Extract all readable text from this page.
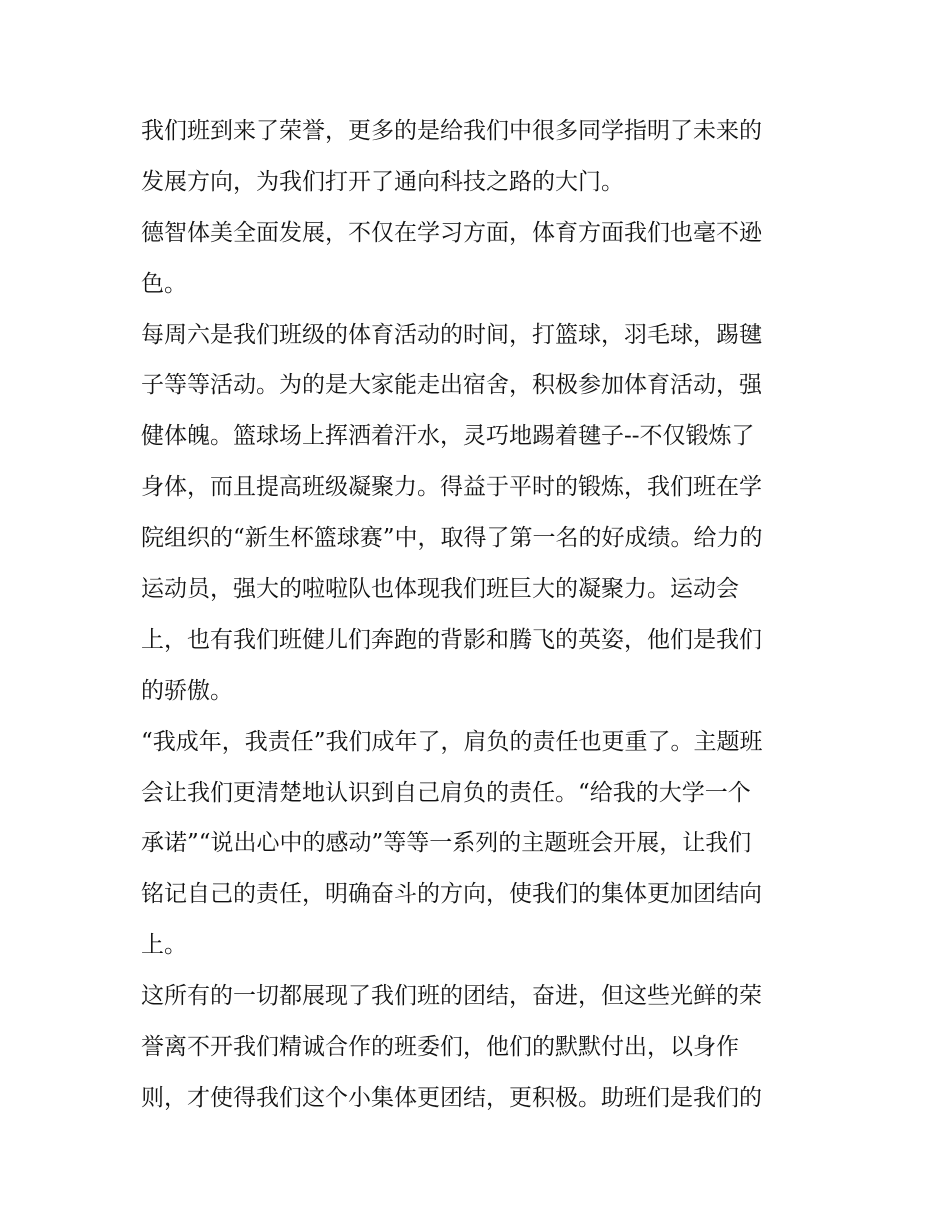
我们班到来了荣誉，更多的是给我们中很多同学指明了未来的
发展方向，为我们打开了通向科技之路的大门。
德智体美全面发展，不仅在学习方面，体育方面我们也毫不逊
色。
每周六是我们班级的体育活动的时间，打篮球，羽毛球，踢毽
子等等活动。为的是大家能走出宿舍，积极参加体育活动，强
健体魄。篮球场上挥洒着汗水，灵巧地踢着毽子--不仅锻炼了
身体，而且提高班级凝聚力。得益于平时的锻炼，我们班在学
院组织的“新生杯篮球赛”中，取得了第一名的好成绩。给力的
运动员，强大的啦啦队也体现我们班巨大的凝聚力。运动会
上，也有我们班健儿们奔跑的背影和腾飞的英姿，他们是我们
的骄傲。
“我成年，我责任”我们成年了，肩负的责任也更重了。主题班
会让我们更清楚地认识到自己肩负的责任。“给我的大学一个
承诺”“说出心中的感动”等等一系列的主题班会开展，让我们
铭记自己的责任，明确奋斗的方向，使我们的集体更加团结向
上。
这所有的一切都展现了我们班的团结，奋进，但这些光鲜的荣
誉离不开我们精诚合作的班委们，他们的默默付出，以身作
则，才使得我们这个小集体更团结，更积极。助班们是我们的
